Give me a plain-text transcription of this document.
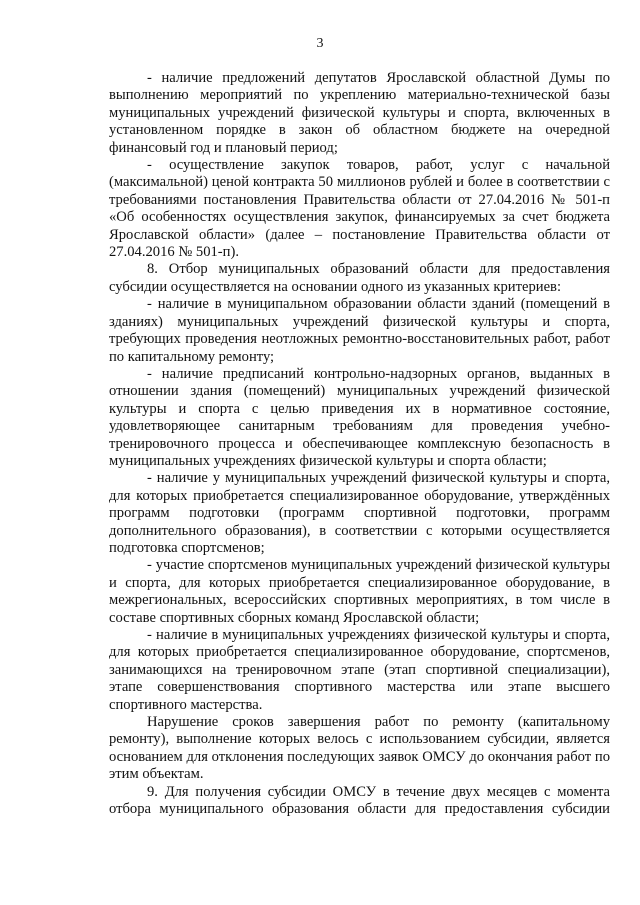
3

- наличие предложений депутатов Ярославской областной Думы по выполнению мероприятий по укреплению материально-технической базы муниципальных учреждений физической культуры и спорта, включенных в установленном порядке в закон об областном бюджете на очередной финансовый год и плановый период;

- осуществление закупок товаров, работ, услуг с начальной (максимальной) ценой контракта 50 миллионов рублей и более в соответствии с требованиями постановления Правительства области от 27.04.2016 № 501-п «Об особенностях осуществления закупок, финансируемых за счет бюджета Ярославской области» (далее – постановление Правительства области от 27.04.2016 № 501-п).

8. Отбор муниципальных образований области для предоставления субсидии осуществляется на основании одного из указанных критериев:

- наличие в муниципальном образовании области зданий (помещений в зданиях) муниципальных учреждений физической культуры и спорта, требующих проведения неотложных ремонтно-восстановительных работ, работ по капитальному ремонту;

- наличие предписаний контрольно-надзорных органов, выданных в отношении здания (помещений) муниципальных учреждений физической культуры и спорта с целью приведения их в нормативное состояние, удовлетворяющее санитарным требованиям для проведения учебно-тренировочного процесса и обеспечивающее комплексную безопасность в муниципальных учреждениях физической культуры и спорта области;

- наличие у муниципальных учреждений физической культуры и спорта, для которых приобретается специализированное оборудование, утверждённых программ подготовки (программ спортивной подготовки, программ дополнительного образования), в соответствии с которыми осуществляется подготовка спортсменов;

- участие спортсменов муниципальных учреждений физической культуры и спорта, для которых приобретается специализированное оборудование, в межрегиональных, всероссийских спортивных мероприятиях, в том числе в составе спортивных сборных команд Ярославской области;

- наличие в муниципальных учреждениях физической культуры и спорта, для которых приобретается специализированное оборудование, спортсменов, занимающихся на тренировочном этапе (этап спортивной специализации), этапе совершенствования спортивного мастерства или этапе высшего спортивного мастерства.

Нарушение сроков завершения работ по ремонту (капитальному ремонту), выполнение которых велось с использованием субсидии, является основанием для отклонения последующих заявок ОМСУ до окончания работ по этим объектам.

9. Для получения субсидии ОМСУ в течение двух месяцев с момента отбора муниципального образования области для предоставления субсидии
